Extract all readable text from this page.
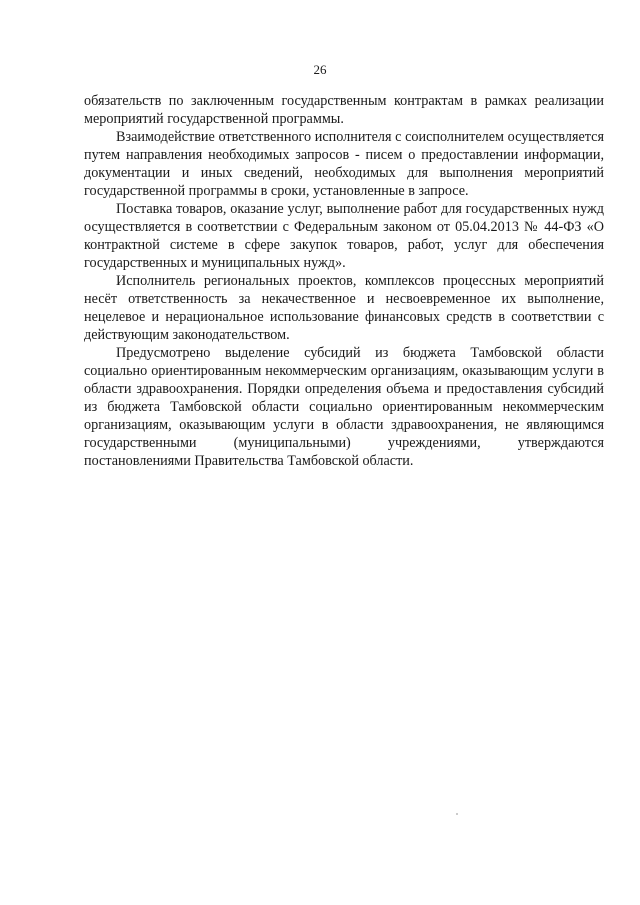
26

обязательств по заключенным государственным контрактам в рамках реализации мероприятий государственной программы.

Взаимодействие ответственного исполнителя с соисполнителем осуществляется путем направления необходимых запросов - писем о предоставлении информации, документации и иных сведений, необходимых для выполнения мероприятий государственной программы в сроки, установленные в запросе.

Поставка товаров, оказание услуг, выполнение работ для государственных нужд осуществляется в соответствии с Федеральным законом от 05.04.2013 № 44-ФЗ «О контрактной системе в сфере закупок товаров, работ, услуг для обеспечения государственных и муниципальных нужд».

Исполнитель региональных проектов, комплексов процессных мероприятий несёт ответственность за некачественное и несвоевременное их выполнение, нецелевое и нерациональное использование финансовых средств в соответствии с действующим законодательством.

Предусмотрено выделение субсидий из бюджета Тамбовской области социально ориентированным некоммерческим организациям, оказывающим услуги в области здравоохранения. Порядки определения объема и предоставления субсидий из бюджета Тамбовской области социально ориентированным некоммерческим организациям, оказывающим услуги в области здравоохранения, не являющимся государственными (муниципальными) учреждениями, утверждаются постановлениями Правительства Тамбовской области.
